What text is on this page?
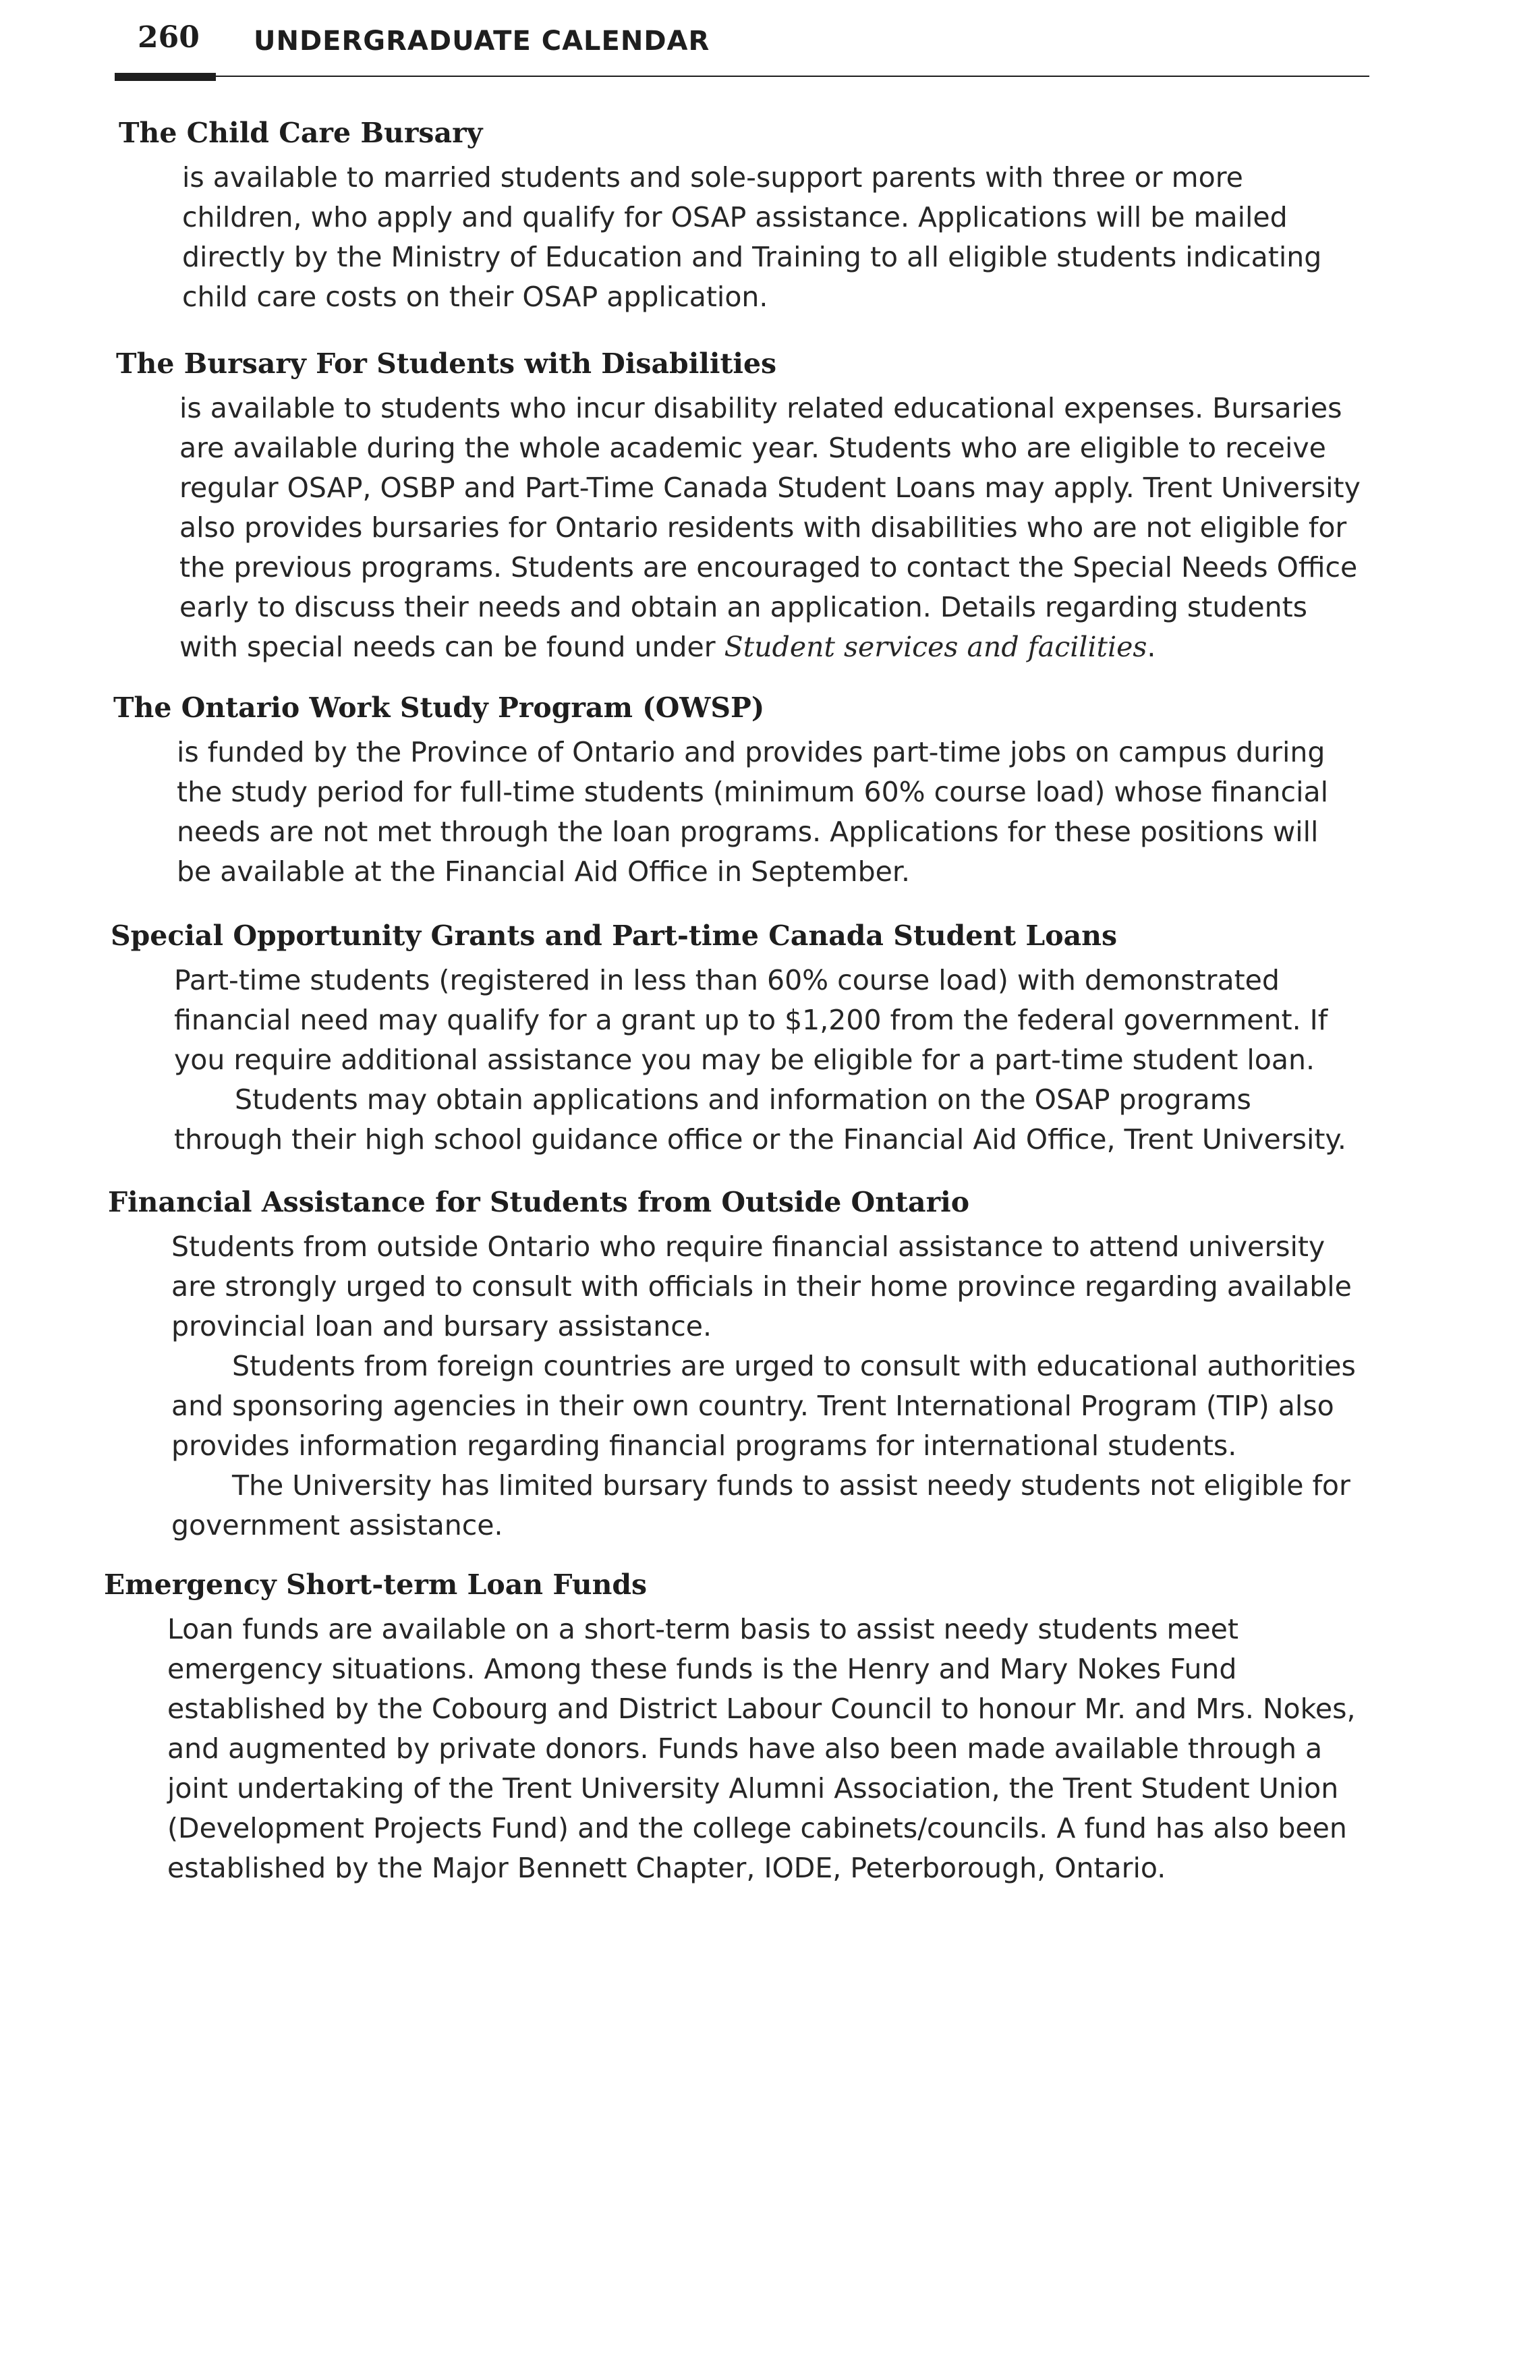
260 UNDERGRADUATE CALENDAR
The Child Care Bursary

is available to married students and sole-support parents with three or more children, who apply and qualify for OSAP assistance. Applications will be mailed directly by the Ministry of Education and Training to all eligible students indicating child care costs on their OSAP application.

The Bursary For Students with Disabilities

is available to students who incur disability related educational expenses. Bursaries are available during the whole academic year. Students who are eligible to receive regular OSAP, OSBP and Part-Time Canada Student Loans may apply. Trent University also provides bursaries for Ontario residents with disabilities who are not eligible for the previous programs. Students are encouraged to contact the Special Needs Office early to discuss their needs and obtain an application. Details regarding students with special needs can be found under Student services and facilities.

The Ontario Work Study Program (OWSP)

is funded by the Province of Ontario and provides part-time jobs on campus during the study period for full-time students (minimum 60% course load) whose financial needs are not met through the loan programs. Applications for these positions will be available at the Financial Aid Office in September.

Special Opportunity Grants and Part-time Canada Student Loans

Part-time students (registered in less than 60% course load) with demonstrated financial need may qualify for a grant up to $1,200 from the federal government. If you require additional assistance you may be eligible for a part-time student loan.

Students may obtain applications and information on the OSAP programs through their high school guidance office or the Financial Aid Office, Trent University.

Financial Assistance for Students from Outside Ontario

Students from outside Ontario who require financial assistance to attend university are strongly urged to consult with officials in their home province regarding available provincial loan and bursary assistance.

Students from foreign countries are urged to consult with educational authorities and sponsoring agencies in their own country. Trent International Program (TIP) also provides information regarding financial programs for international students.

The University has limited bursary funds to assist needy students not eligible for government assistance.

Emergency Short-term Loan Funds

Loan funds are available on a short-term basis to assist needy students meet emergency situations. Among these funds is the Henry and Mary Nokes Fund established by the Cobourg and District Labour Council to honour Mr. and Mrs. Nokes, and augmented by private donors. Funds have also been made available through a joint undertaking of the Trent University Alumni Association, the Trent Student Union (Development Projects Fund) and the college cabinets/councils. A fund has also been established by the Major Bennett Chapter, IODE, Peterborough, Ontario.
